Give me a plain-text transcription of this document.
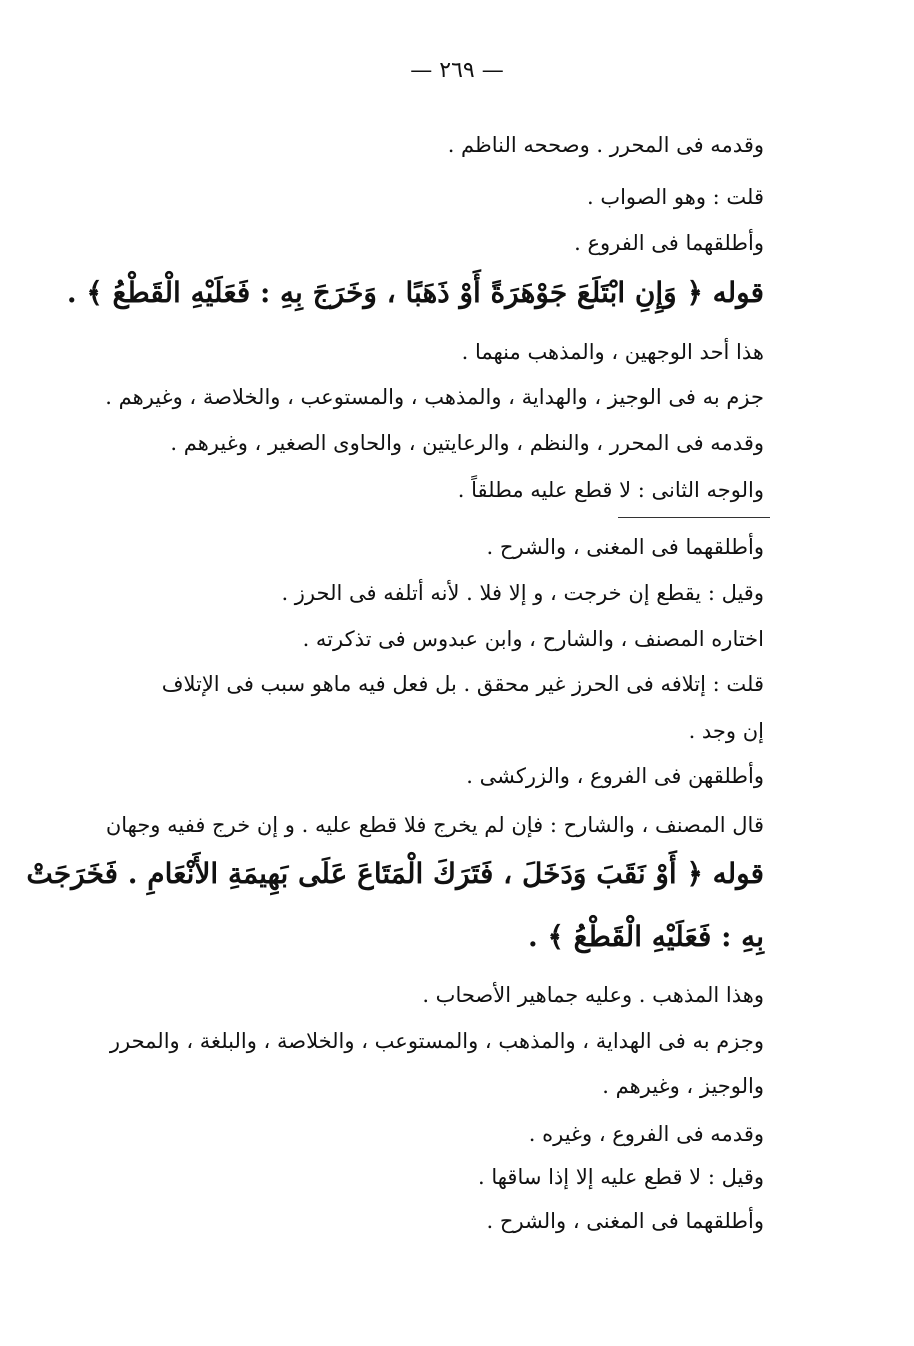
— ٢٦٩ —
وقدمه فى المحرر . وصححه الناظم .
قلت : وهو الصواب .
وأطلقهما فى الفروع .
قوله ﴿ وَإِنِ ابْتَلَعَ جَوْهَرَةً أَوْ ذَهَبًا ، وَخَرَجَ بِهِ : فَعَلَيْهِ الْقَطْعُ ﴾ .
هذا أحد الوجهين ، والمذهب منهما .
جزم به فى الوجيز ، والهداية ، والمذهب ، والمستوعب ، والخلاصة ، وغيرهم .
وقدمه فى المحرر ، والنظم ، والرعايتين ، والحاوى الصغير ، وغيرهم .
والوجه الثانى : لا قطع عليه مطلقاً .
وأطلقهما فى المغنى ، والشرح .
وقيل : يقطع إن خرجت ، و إلا فلا . لأنه أتلفه فى الحرز .
اختاره المصنف ، والشارح ، وابن عبدوس فى تذكرته .
قلت : إتلافه فى الحرز غير محقق . بل فعل فيه ماهو سبب فى الإتلاف
إن وجد .
وأطلقهن فى الفروع ، والزركشى .
قال المصنف ، والشارح : فإن لم يخرج فلا قطع عليه . و إن خرج ففيه وجهان
قوله ﴿ أَوْ نَقَبَ وَدَخَلَ ، فَتَرَكَ الْمَتَاعَ عَلَى بَهِيمَةِ الأَنْعَامِ . فَخَرَجَتْ
بِهِ : فَعَلَيْهِ الْقَطْعُ ﴾ .
وهذا المذهب . وعليه جماهير الأصحاب .
وجزم به فى الهداية ، والمذهب ، والمستوعب ، والخلاصة ، والبلغة ، والمحرر
والوجيز ، وغيرهم .
وقدمه فى الفروع ، وغيره .
وقيل : لا قطع عليه إلا إذا ساقها .
وأطلقهما فى المغنى ، والشرح .
